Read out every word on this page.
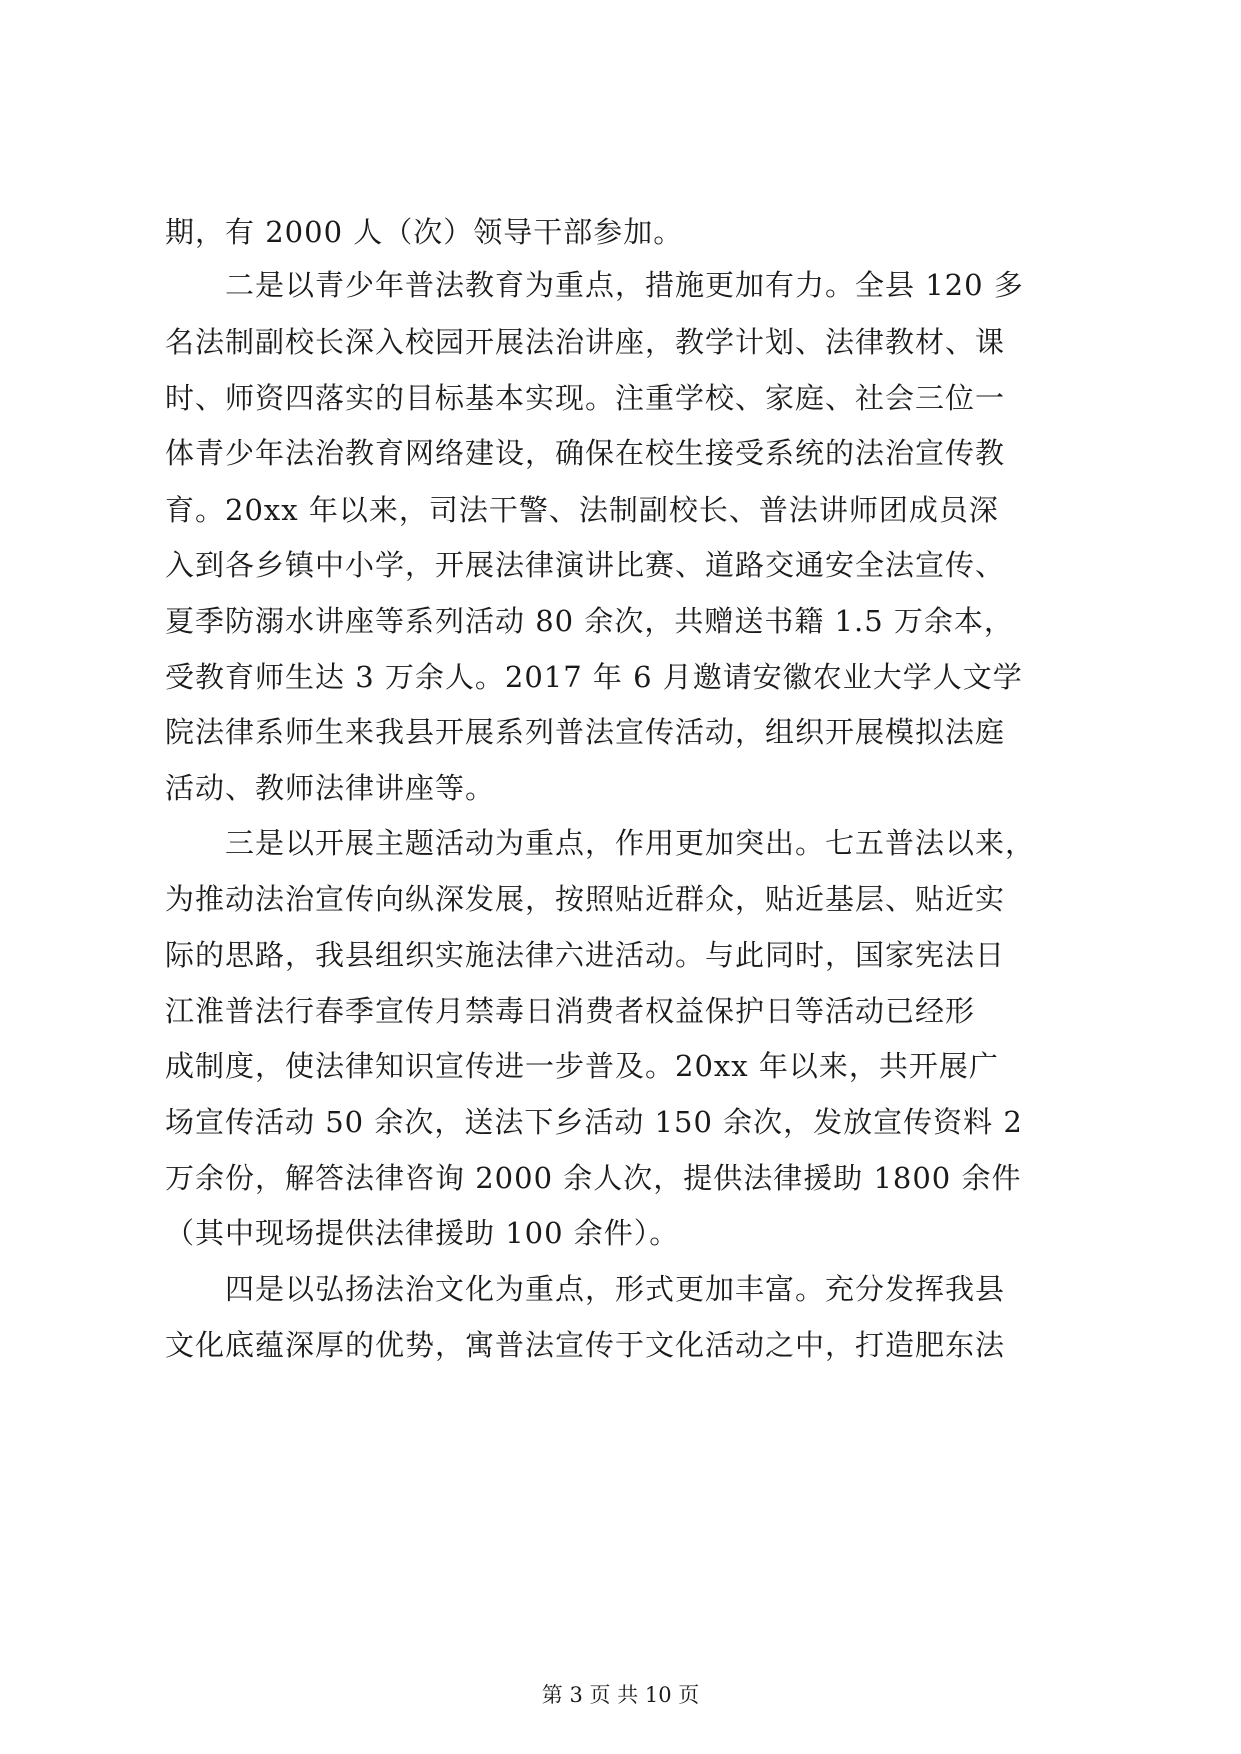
期，有 2000 人（次）领导干部参加。
　　二是以青少年普法教育为重点，措施更加有力。全县 120 多
名法制副校长深入校园开展法治讲座，教学计划、法律教材、课
时、师资四落实的目标基本实现。注重学校、家庭、社会三位一
体青少年法治教育网络建设，确保在校生接受系统的法治宣传教
育。20xx 年以来，司法干警、法制副校长、普法讲师团成员深
入到各乡镇中小学，开展法律演讲比赛、道路交通安全法宣传、
夏季防溺水讲座等系列活动 80 余次，共赠送书籍 1.5 万余本，
受教育师生达 3 万余人。2017 年 6 月邀请安徽农业大学人文学
院法律系师生来我县开展系列普法宣传活动，组织开展模拟法庭
活动、教师法律讲座等。
　　三是以开展主题活动为重点，作用更加突出。七五普法以来，
为推动法治宣传向纵深发展，按照贴近群众，贴近基层、贴近实
际的思路，我县组织实施法律六进活动。与此同时，国家宪法日
江淮普法行春季宣传月禁毒日消费者权益保护日等活动已经形
成制度，使法律知识宣传进一步普及。20xx 年以来，共开展广
场宣传活动 50 余次，送法下乡活动 150 余次，发放宣传资料 2
万余份，解答法律咨询 2000 余人次，提供法律援助 1800 余件
（其中现场提供法律援助 100 余件）。
　　四是以弘扬法治文化为重点，形式更加丰富。充分发挥我县
文化底蕴深厚的优势，寓普法宣传于文化活动之中，打造肥东法
第 3 页 共 10 页
